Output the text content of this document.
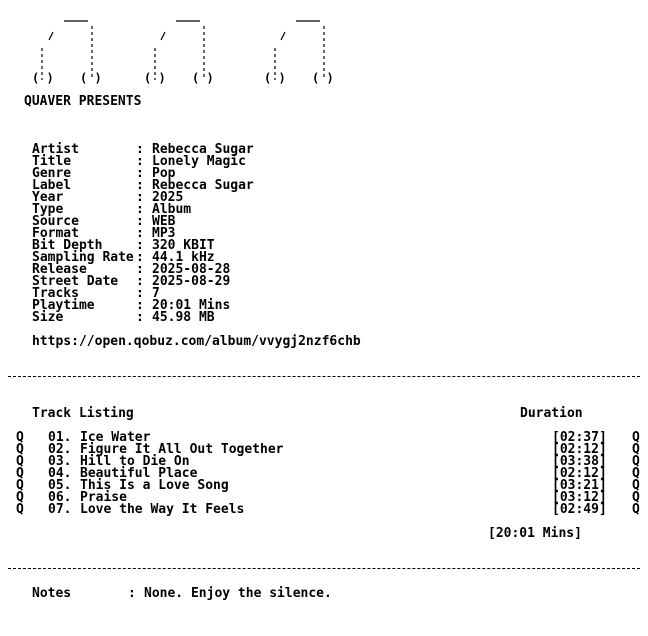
( ) ( )	( ) ( )	( ) ( )
QUAVER PRESENTS
Artist	: Rebecca Sugar
Title	: Lonely Magic
Genre	: Pop
Label	: Rebecca Sugar
Year	: 2025
Type	: Album
Source	: WEB
Format	: MP3
Bit Depth	: 320 KBIT
Sampling Rate : 44.1 kHz
Release	: 2025-08-28
Street Date : 2025-08-29
Tracks	: 7
Playtime	: 20:01 Mins
Size	: 45.98 MB
https://open.qobuz.com/album/vvygj2nzf6chb
Track Listing	Duration
Q 01. Ice Water	[02:37] Q
Q 02. Figure It All Out Together	[02:12] Q
Q 03. Hill to Die On	[03:38] Q
Q 04. Beautiful Place	[02:12] Q
Q 05. This Is a Love Song	[03:21] Q
Q 06. Praise	[03:12] Q
Q 07. Love the Way It Feels	[02:49] Q
[20:01 Mins]
Notes	: None. Enjoy the silence.
